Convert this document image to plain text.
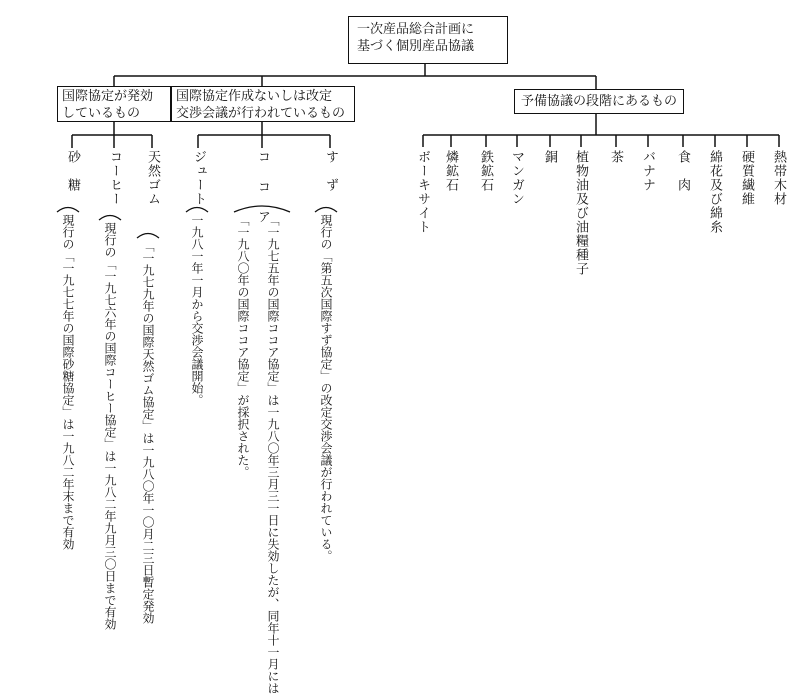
一次産品総合計画に
基づく個別産品協議
国際協定が発効
しているもの
国際協定作成ないしは改定
交渉会議が行われているもの
予備協議の段階にあるもの
砂　糖 コーヒー 天然ゴム ジュート	コ コ ア	す　ず
現行の「一九七七年の国際砂糖協定」は一九八二年末まで有効 現行の「一九七六年の国際コーヒー協定」は一九八二年九月三〇日まで有効 「一九七九年の国際天然ゴム協定」は一九八〇年一〇月二三日暫定発効	一九八一年一月から交渉会議開始。	「一九七五年の国際ココア協定」は一九八〇年三月三一日に失効したが、同年十一月には
「一九八〇年の国際ココア協定」が採択された。	現行の「第五次国際すず協定」の改定交渉会議が行われている。
ボーキサイト 燐鉱石 鉄鉱石 マンガン 銅 植物油及び油糧種子 茶 バナナ 食　肉 綿花及び綿糸 硬質繊維 熱帯木材
